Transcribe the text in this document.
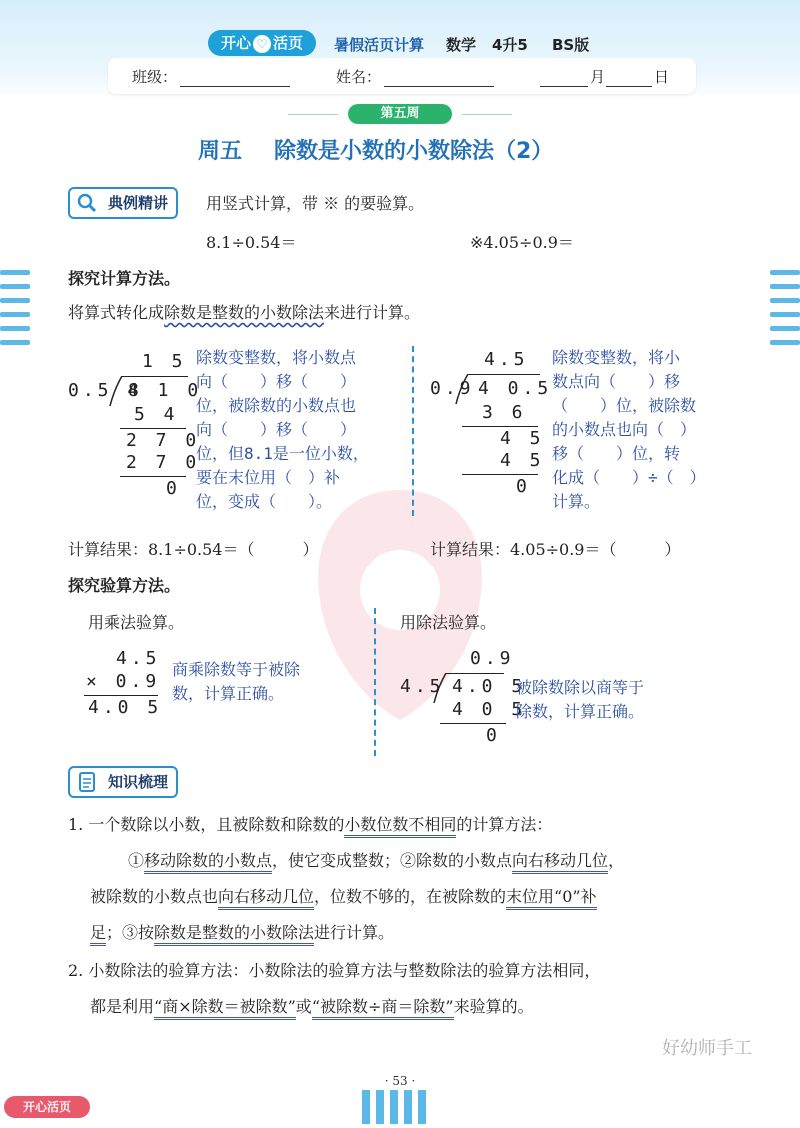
开心 ♡ 活页	暑假活页计算 数学 4升5 BS版
班级：	姓名：	月	日
第五周
周五 除数是小数的小数除法（2）
典例精讲	用竖式计算，带 ※ 的要验算。
8.1÷0.54＝	※4.05÷0.9＝
探究计算方法。
将算式转化成除数是整数的小数除法来进行计算。
1 5
0.5 4
8 1 0
5 4
2 7 0
2 7 0
0
除数变整数，将小数点
向（　　）移（　　）
位，被除数的小数点也
向（　　）移（　　）
位，但8.1是一位小数，
要在末位用（　）补
位，变成（　　）。
4.5
0.9 4 0.5
3 6
4 5
4 5
0
除数变整数，将小
数点向（　　）移
（　　）位，被除数
的小数点也向（　）
移（　　）位，转
化成（　　）÷（　）
计算。
计算结果：8.1÷0.54＝（　　　）	计算结果：4.05÷0.9＝（　　　）
探究验算方法。
用乘法验算。
4.5
× 0.9
4.0 5
商乘除数等于被除
数，计算正确。
用除法验算。
0.9
4.5 4.0 5
4 0 5
0
被除数除以商等于
除数，计算正确。
知识梳理
1. 一个数除以小数，且被除数和除数的小数位数不相同的计算方法：
①移动除数的小数点，使它变成整数；②除数的小数点向右移动几位，
被除数的小数点也向右移动几位，位数不够的，在被除数的末位用“0”补
足；③按除数是整数的小数除法进行计算。
2. 小数除法的验算方法：小数除法的验算方法与整数除法的验算方法相同，
都是利用“商×除数＝被除数”或“被除数÷商＝除数”来验算的。
好幼师手工
· 53 ·
开心活页
